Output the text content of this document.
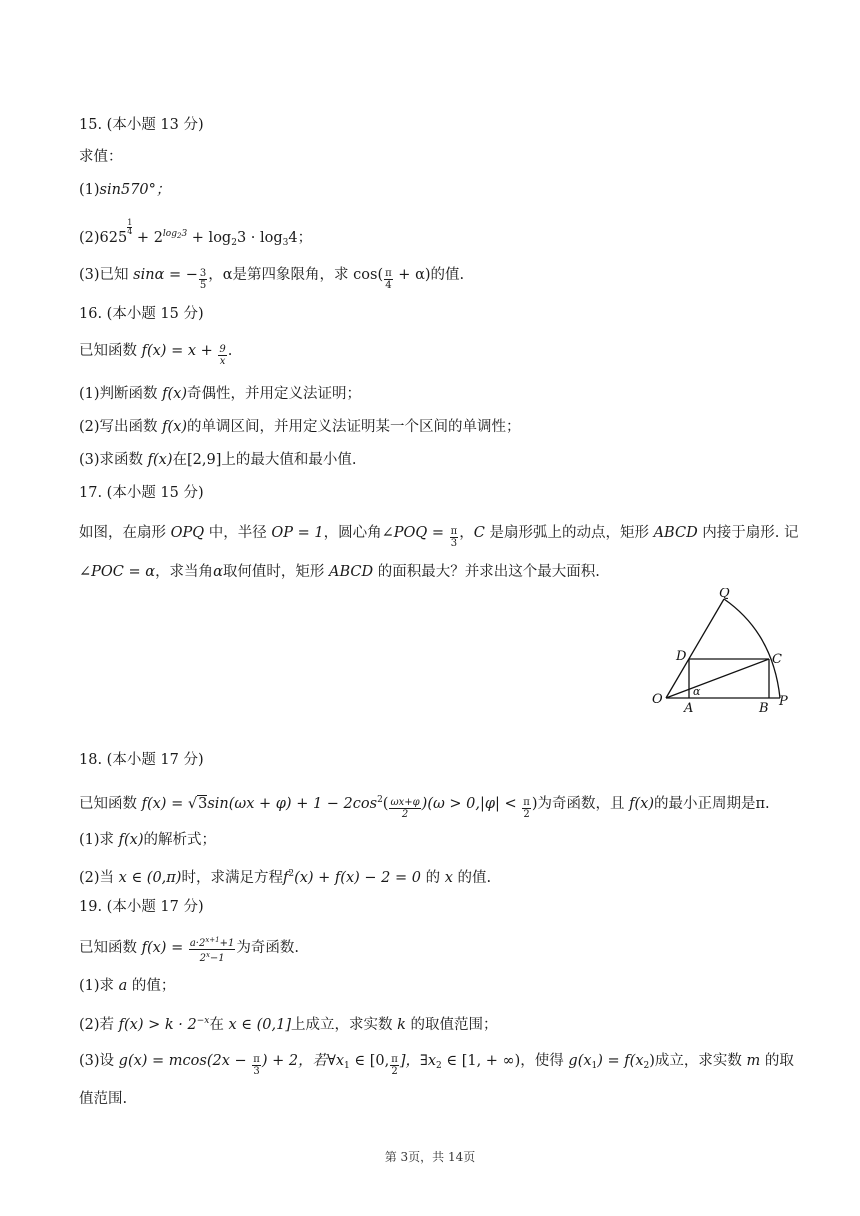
15. (本小题 13 分)
求值：
(1)sin570°；
(2)625
$\frac{1}{4}$
+ $2^{log_23} + \log_23 \cdot \log_34$；
(3)已知 sinα = − $\frac{3}{5}$ ，α是第四象限角，求 $\cos( \frac{\pi}{4} + \alpha)$的值.
16. (本小题 15 分)
已知函数 $f(x) = x + \frac{9}{x}$ .
(1)判断函数 f(x)奇偶性，并用定义法证明；
(2)写出函数 f(x)的单调区间，并用定义法证明某一个区间的单调性；
(3)求函数 f(x)在[2,9]上的最大值和最小值.
17. (本小题 15 分)
如图，在扇形 OPQ 中，半径 OP = 1，圆心角∠POQ = $\frac{\pi}{3}$ ，C 是扇形弧上的动点，矩形 ABCD 内接于扇形. 记
∠POC = α，求当角α取何值时，矩形 ABCD 的面积最大？并求出这个最大面积.
Q
D	C
O
α
A	B P
18. (本小题 17 分)
已知函数 $f(x) = √3\sin(\omega x + \varphi) + 1 - 2\cos^2( \frac{\omega x+\varphi}{2} )(\omega > 0,|\varphi| < \frac{\pi}{2}$ )为奇函数，且 f(x)的最小正周期是π.
(1)求 f(x)的解析式；
(2)当 x ∈ (0,π)时，求满足方程$f^2(x) + f(x) - 2 = 0$ 的 x 的值.
19. (本小题 17 分)
已知函数 $f(x) = \frac{a\cdot 2^{x+1}+1}{2^x-1}$ 为奇函数.
(1)求 a 的值；
(2)若 $f(x) > k \cdot 2^{-x}$在 x ∈ (0,1]上成立，求实数 k 的取值范围；
(3)设 $g(x) = mcos(2x - \frac{\pi}{3}$ ) + 2，若$\forall x_1$ ∈ [0, $\frac{\pi}{2}$ ]，$\exists x_2$ ∈ [1, + ∞)，使得 $g(x_1) = f(x_2)$成立，求实数 m 的取
值范围.
第 3页，共 14页
